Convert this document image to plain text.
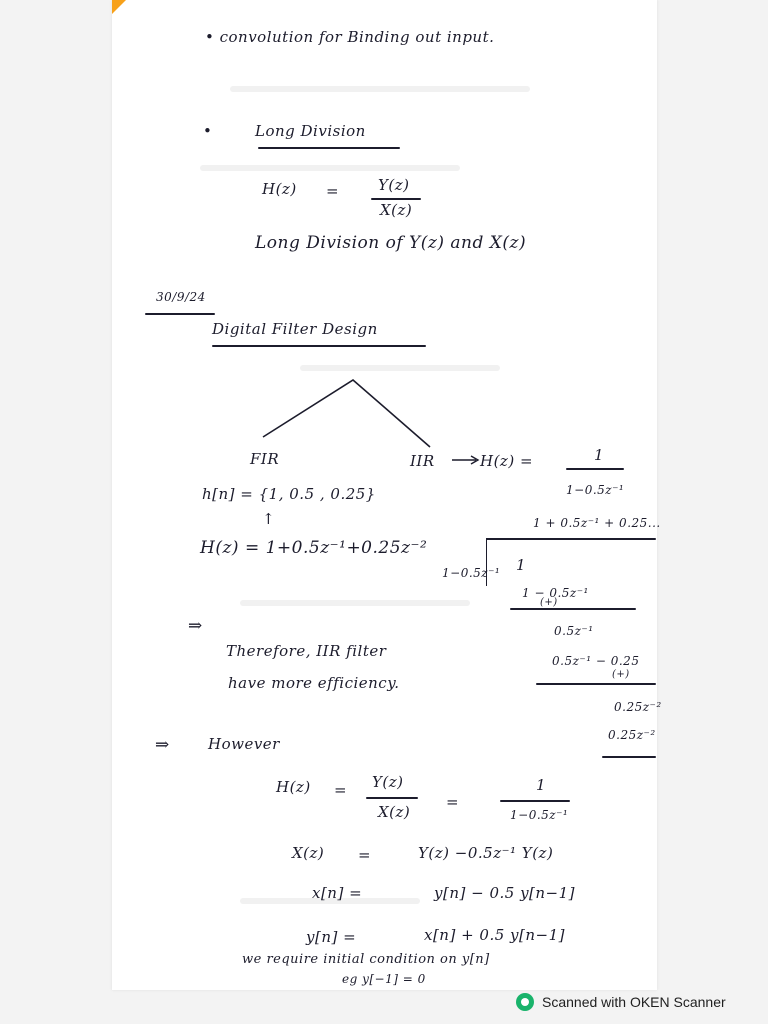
• convolution for Binding out input.
•	Long Division
H(z) =	Y(z)
X(z)
Long Division of Y(z) and X(z)
30/9/24
Digital Filter Design
FIR	IIR	H(z) =	1
1−0.5z⁻¹
h[n] = {1, 0.5 , 0.25}
↑
H(z) = 1+0.5z⁻¹+0.25z⁻²
1 + 0.5z⁻¹ + 0.25...
1−0.5z⁻¹ 1
1 − 0.5z⁻¹
(+)
0.5z⁻¹
0.5z⁻¹ − 0.25
(+)
0.25z⁻²
0.25z⁻²
⇒
Therefore, IIR filter
have more efficiency.
⇒	However
H(z) = Y(z)
X(z)
=
1
1−0.5z⁻¹
X(z) =	Y(z) −0.5z⁻¹ Y(z)
x[n] =	y[n] − 0.5 y[n−1]
y[n] =	x[n] + 0.5 y[n−1]
we require initial condition on y[n]
eg y[−1] = 0
Scanned with OKEN Scanner
